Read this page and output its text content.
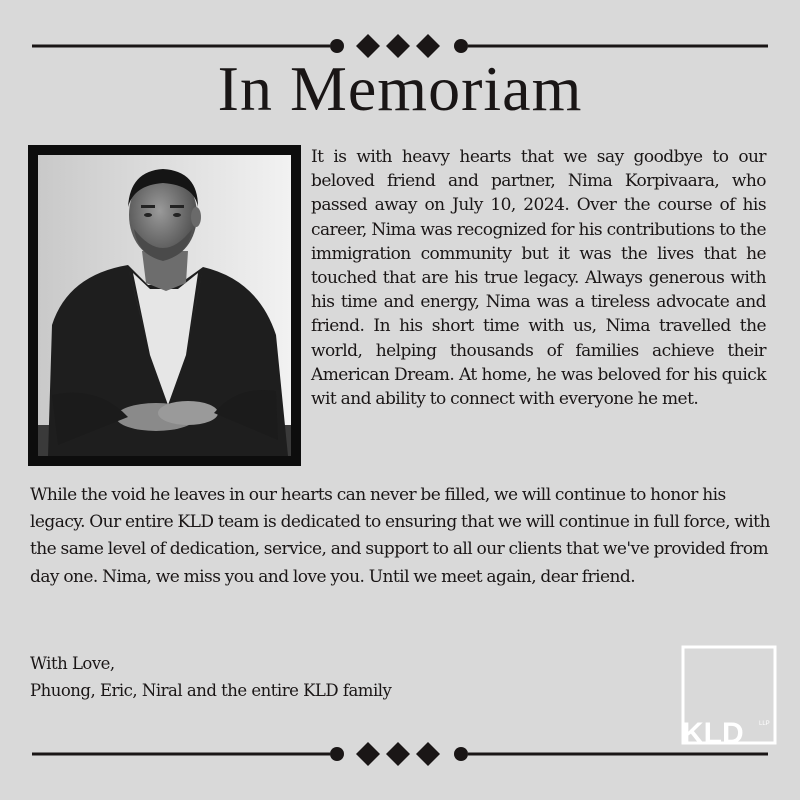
In Memoriam

It is with heavy hearts that we say goodbye to our beloved friend and partner, Nima Korpivaara, who passed away on July 10, 2024. Over the course of his career, Nima was recognized for his contributions to the immigration community but it was the lives that he touched that are his true legacy. Always generous with his time and energy, Nima was a tireless advocate and friend. In his short time with us, Nima travelled the world, helping thousands of families achieve their American Dream. At home, he was beloved for his quick wit and ability to connect with everyone he met.

While the void he leaves in our hearts can never be filled, we will continue to honor his legacy. Our entire KLD team is dedicated to ensuring that we will continue in full force, with the same level of dedication, service, and support to all our clients that we've provided from day one. Nima, we miss you and love you. Until we meet again, dear friend.

With Love,
Phuong, Eric, Niral and the entire KLD family
KLD	LLP
